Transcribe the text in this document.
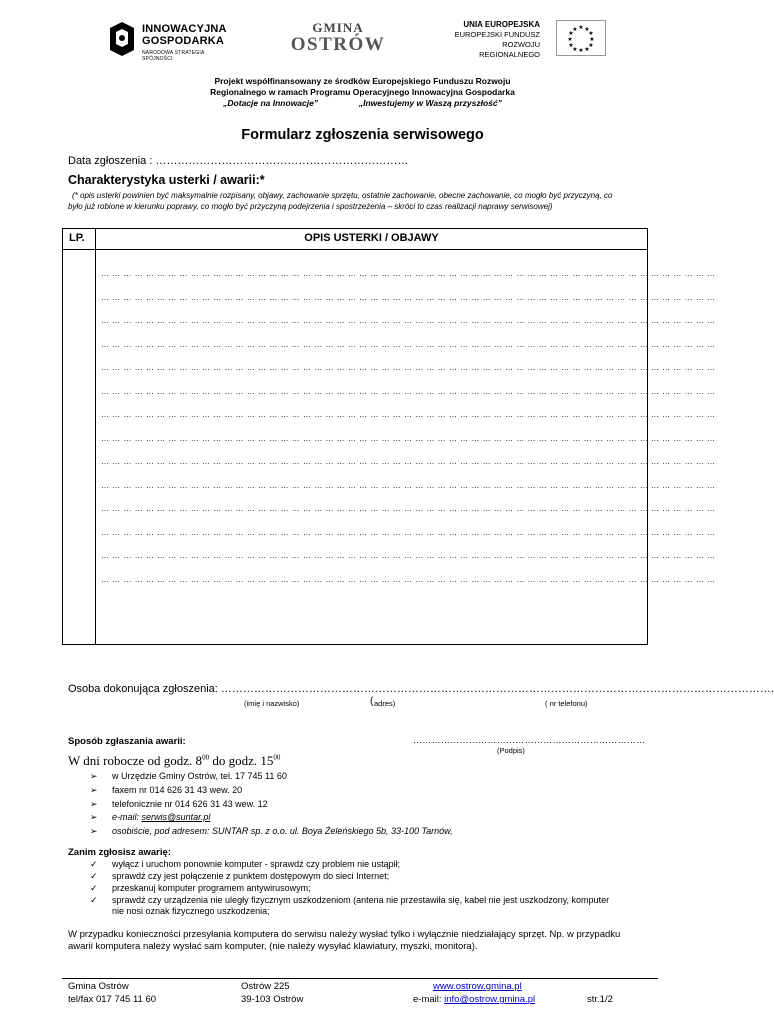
INNOWACYJNA
GOSPODARKA
NARODOWA STRATEGIA SPÓJNOŚCI
GMINA
OSTRÓW
UNIA EUROPEJSKA
EUROPEJSKI FUNDUSZ
ROZWOJU REGIONALNEGO
★ ★
★
★
★
★
★
★
★
★
★
★
Projekt współfinansowany ze środków Europejskiego Funduszu Rozwoju
Regionalnego w ramach Programu Operacyjnego Innowacyjna Gospodarka
„Dotacje na Innowacje”	„Inwestujemy w Waszą przyszłość”
Formularz zgłoszenia serwisowego
Data zgłoszenia : ……………………………………………………………
Charakterystyka usterki / awarii:*
(* opis usterki powinien być maksymalnie rozpisany, objawy, zachowanie sprzętu, ostatnie zachowanie, obecne zachowanie, co mogło być przyczyną, co
było już robione w kierunku poprawy, co mogło być przyczyną podejrzenia i spostrzeżenia – skróci to czas realizacji naprawy serwisowej)
LP.	OPIS USTERKI / OBJAWY
… … … … … … … … … … … … … … … … … … … … … … … … … … … … … … … … … … … … … … … … … … … … … … … … … … … … … … …
… … … … … … … … … … … … … … … … … … … … … … … … … … … … … … … … … … … … … … … … … … … … … … … … … … … … … … …
… … … … … … … … … … … … … … … … … … … … … … … … … … … … … … … … … … … … … … … … … … … … … … … … … … … … … … …
… … … … … … … … … … … … … … … … … … … … … … … … … … … … … … … … … … … … … … … … … … … … … … … … … … … … … … …
… … … … … … … … … … … … … … … … … … … … … … … … … … … … … … … … … … … … … … … … … … … … … … … … … … … … … … …
… … … … … … … … … … … … … … … … … … … … … … … … … … … … … … … … … … … … … … … … … … … … … … … … … … … … … … …
… … … … … … … … … … … … … … … … … … … … … … … … … … … … … … … … … … … … … … … … … … … … … … … … … … … … … … …
… … … … … … … … … … … … … … … … … … … … … … … … … … … … … … … … … … … … … … … … … … … … … … … … … … … … … … …
… … … … … … … … … … … … … … … … … … … … … … … … … … … … … … … … … … … … … … … … … … … … … … … … … … … … … … …
… … … … … … … … … … … … … … … … … … … … … … … … … … … … … … … … … … … … … … … … … … … … … … … … … … … … … … …
… … … … … … … … … … … … … … … … … … … … … … … … … … … … … … … … … … … … … … … … … … … … … … … … … … … … … … …
… … … … … … … … … … … … … … … … … … … … … … … … … … … … … … … … … … … … … … … … … … … … … … … … … … … … … … …
… … … … … … … … … … … … … … … … … … … … … … … … … … … … … … … … … … … … … … … … … … … … … … … … … … … … … … …
… … … … … … … … … … … … … … … … … … … … … … … … … … … … … … … … … … … … … … … … … … … … … … … … … … … … … … …
Osoba dokonująca zgłoszenia: …………………………………………………………………………………………………………………………………….
(imię i nazwisko)	( adres)	( nr telefonu)
Sposób zgłaszania awarii:	…………………………………………………………………
(Podpis)
W dni robocze od godz. $8^{00}$ do godz. $15^{00}$
➢ w Urzędzie Gminy Ostrów, tel. 17 745 11 60
➢ faxem nr 014 626 31 43 wew. 20
➢ telefonicznie nr 014 626 31 43 wew. 12
➢ e-mail: serwis@suntar.pl
➢ osobiście, pod adresem: SUNTAR sp. z o.o. ul. Boya Żeleńskiego 5b, 33-100 Tarnów,
Zanim zgłosisz awarię:
✓ wyłącz i uruchom ponownie komputer - sprawdź czy problem nie ustąpił;
✓ sprawdź czy jest połączenie z punktem dostępowym do sieci Internet;
✓ przeskanuj komputer programem antywirusowym;
✓ sprawdź czy urządzenia nie uległy fizycznym uszkodzeniom (antena nie przestawiła się, kabel nie jest uszkodzony, komputer
nie nosi oznak fizycznego uszkodzenia;
W przypadku konieczności przesyłania komputera do serwisu należy wysłać tylko i wyłącznie niedziałający sprzęt. Np. w przypadku
awarii komputera należy wysłać sam komputer, (nie należy wysyłać klawiatury, myszki, monitora).
Gmina Ostrów
tel/fax 017 745 11 60
Ostrów 225
39-103 Ostrów
www.ostrow.gmina.pl
e-mail: info@ostrow.gmina.pl	str.1/2
